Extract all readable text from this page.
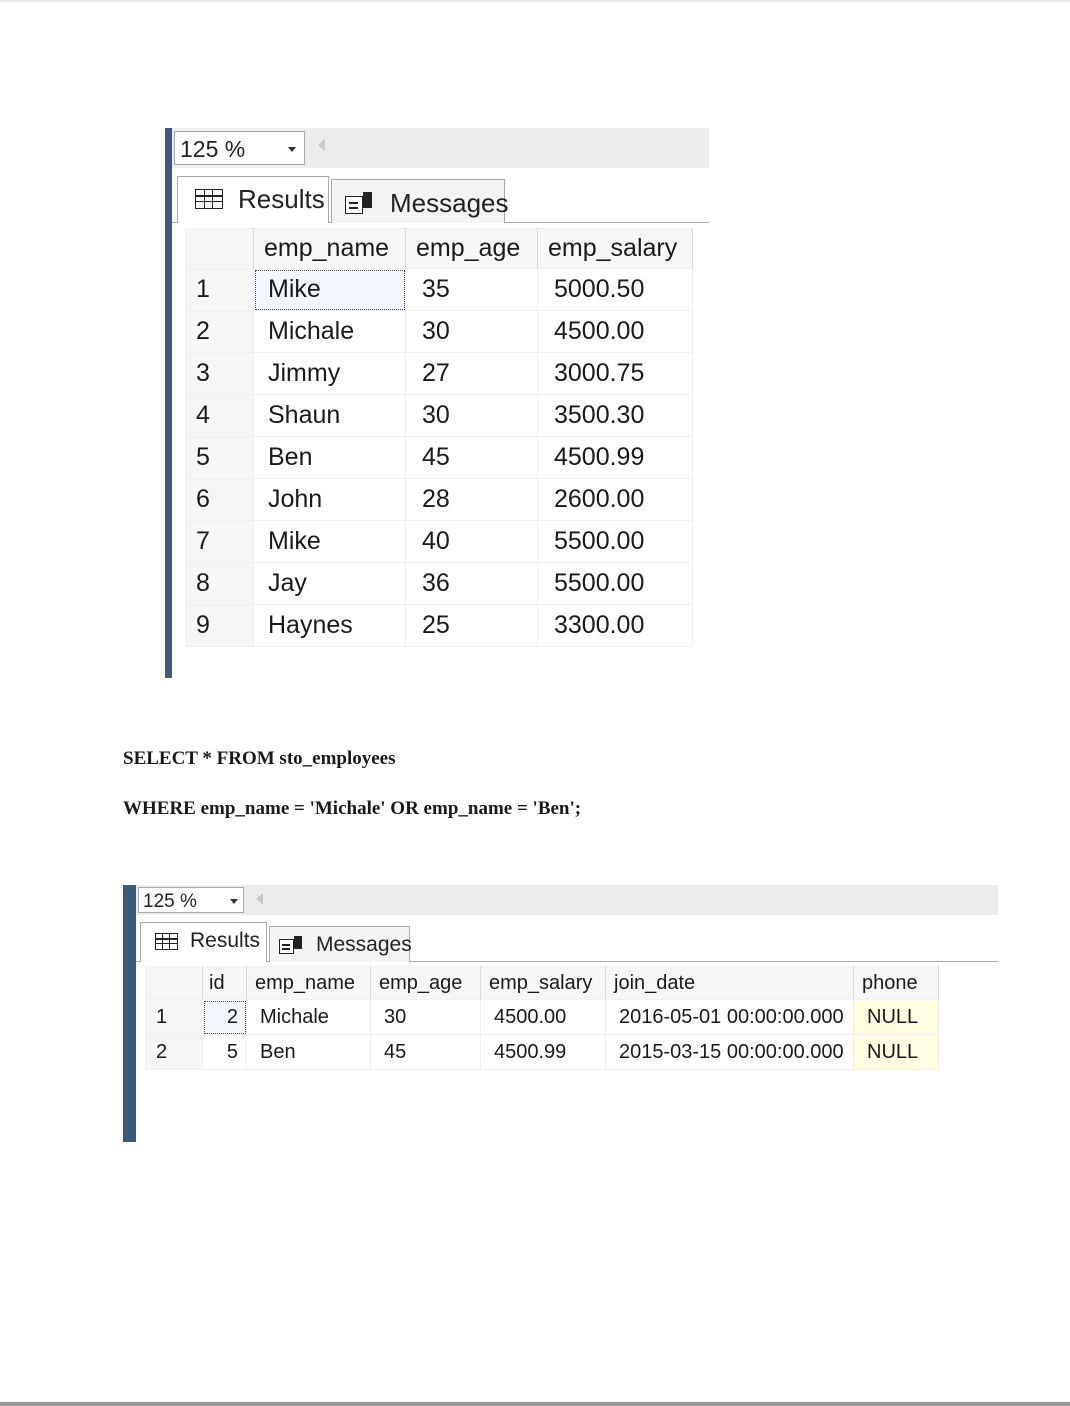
125 %
Results	Messages
	emp_name	emp_age	emp_salary
1	Mike	35	5000.50
2	Michale	30	4500.00
3	Jimmy	27	3000.75
4	Shaun	30	3500.30
5	Ben	45	4500.99
6	John	28	2600.00
7	Mike	40	5500.00
8	Jay	36	5500.00
9	Haynes	25	3300.00
SELECT * FROM sto_employees
WHERE emp_name = 'Michale' OR emp_name = 'Ben';
125 %
Results	Messages
	id	emp_name	emp_age	emp_salary	join_date	phone
1	2	Michale	30	4500.00	2016-05-01 00:00:00.000	NULL
2	5	Ben	45	4500.99	2015-03-15 00:00:00.000	NULL
